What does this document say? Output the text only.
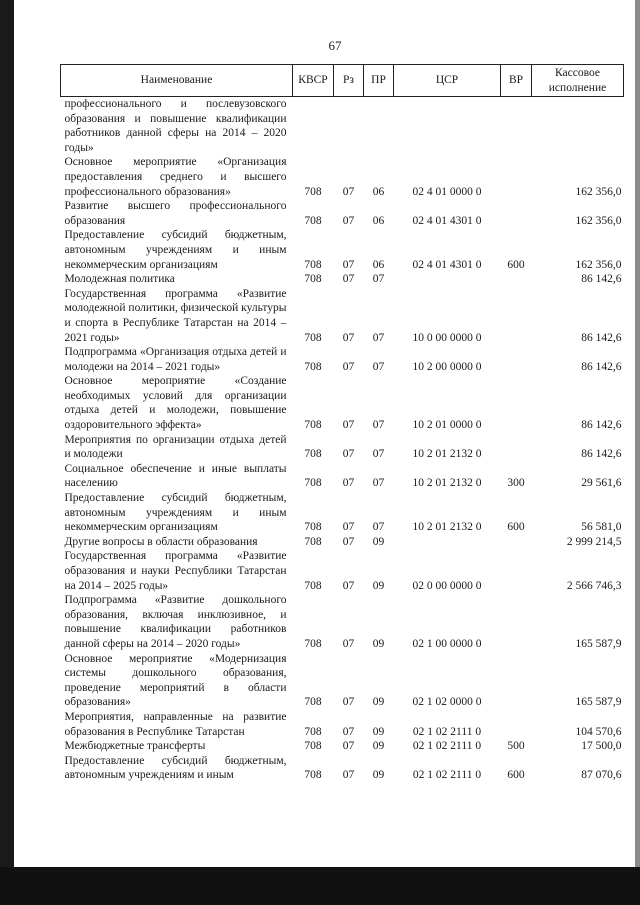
67
Наименование	КВСР	Рз	ПР	ЦСР	ВР	Кассовое исполнение
профессионального и послевузовского образования и повышение квалификации работников данной сферы на 2014 – 2020 годы»						
Основное мероприятие «Организация предоставления среднего и высшего профессионального образования»	708	07	06	02 4 01 0000 0		162 356,0
Развитие высшего профессионального образования	708	07	06	02 4 01 4301 0		162 356,0
Предоставление субсидий бюджетным, автономным учреждениям и иным некоммерческим организациям	708	07	06	02 4 01 4301 0	600	162 356,0
Молодежная политика	708	07	07			86 142,6
Государственная программа «Развитие молодежной политики, физической культуры и спорта в Республике Татарстан на 2014 – 2021 годы»	708	07	07	10 0 00 0000 0		86 142,6
Подпрограмма «Организация отдыха детей и молодежи на 2014 – 2021 годы»	708	07	07	10 2 00 0000 0		86 142,6
Основное мероприятие «Создание необходимых условий для организации отдыха детей и молодежи, повышение оздоровительного эффекта»	708	07	07	10 2 01 0000 0		86 142,6
Мероприятия по организации отдыха детей и молодежи	708	07	07	10 2 01 2132 0		86 142,6
Социальное обеспечение и иные выплаты населению	708	07	07	10 2 01 2132 0	300	29 561,6
Предоставление субсидий бюджетным, автономным учреждениям и иным некоммерческим организациям	708	07	07	10 2 01 2132 0	600	56 581,0
Другие вопросы в области образования	708	07	09			2 999 214,5
Государственная программа «Развитие образования и науки Республики Татарстан на 2014 – 2025 годы»	708	07	09	02 0 00 0000 0		2 566 746,3
Подпрограмма «Развитие дошкольного образования, включая инклюзивное, и повышение квалификации работников данной сферы на 2014 – 2020 годы»	708	07	09	02 1 00 0000 0		165 587,9
Основное мероприятие «Модернизация системы дошкольного образования, проведение мероприятий в области образования»	708	07	09	02 1 02 0000 0		165 587,9
Мероприятия, направленные на развитие образования в Республике Татарстан	708	07	09	02 1 02 2111 0		104 570,6
Межбюджетные трансферты	708	07	09	02 1 02 2111 0	500	17 500,0
Предоставление субсидий бюджетным, автономным учреждениям и иным	708	07	09	02 1 02 2111 0	600	87 070,6
